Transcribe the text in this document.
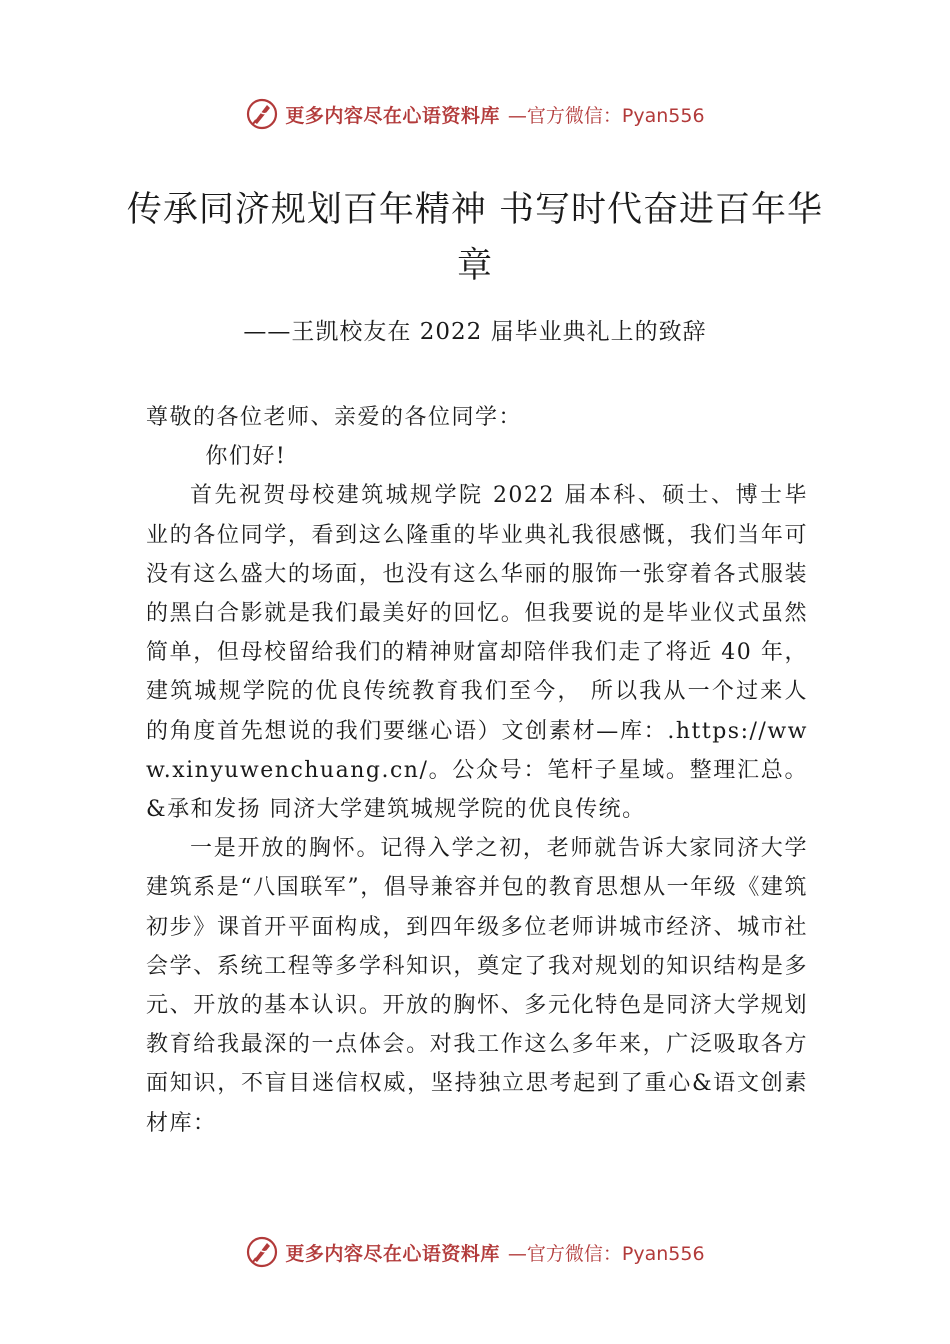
更多内容尽在心语资料库 —官方微信：Pyan556
传承同济规划百年精神 书写时代奋进百年华章
——王凯校友在 2022 届毕业典礼上的致辞

尊敬的各位老师、亲爱的各位同学：

你们好!

首先祝贺母校建筑城规学院 2022 届本科、硕士、博士毕业的各位同学，看到这么隆重的毕业典礼我很感慨，我们当年可没有这么盛大的场面，也没有这么华丽的服饰一张穿着各式服装的黑白合影就是我们最美好的回忆。但我要说的是毕业仪式虽然简单，但母校留给我们的精神财富却陪伴我们走了将近 40 年，建筑城规学院的优良传统教育我们至今， 所以我从一个过来人的角度首先想说的我们要继心语）文创素材—库：.https://www.xinyuwenchuang.cn/。公众号：笔杆子星域。整理汇总。&承和发扬 同济大学建筑城规学院的优良传统。

一是开放的胸怀。记得入学之初，老师就告诉大家同济大学建筑系是“八国联军”，倡导兼容并包的教育思想从一年级《建筑初步》课首开平面构成，到四年级多位老师讲城市经济、城市社会学、系统工程等多学科知识，奠定了我对规划的知识结构是多元、开放的基本认识。开放的胸怀、多元化特色是同济大学规划教育给我最深的一点体会。对我工作这么多年来，广泛吸取各方面知识，不盲目迷信权威，坚持独立思考起到了重心&语文创素材库：

更多内容尽在心语资料库 —官方微信：Pyan556
